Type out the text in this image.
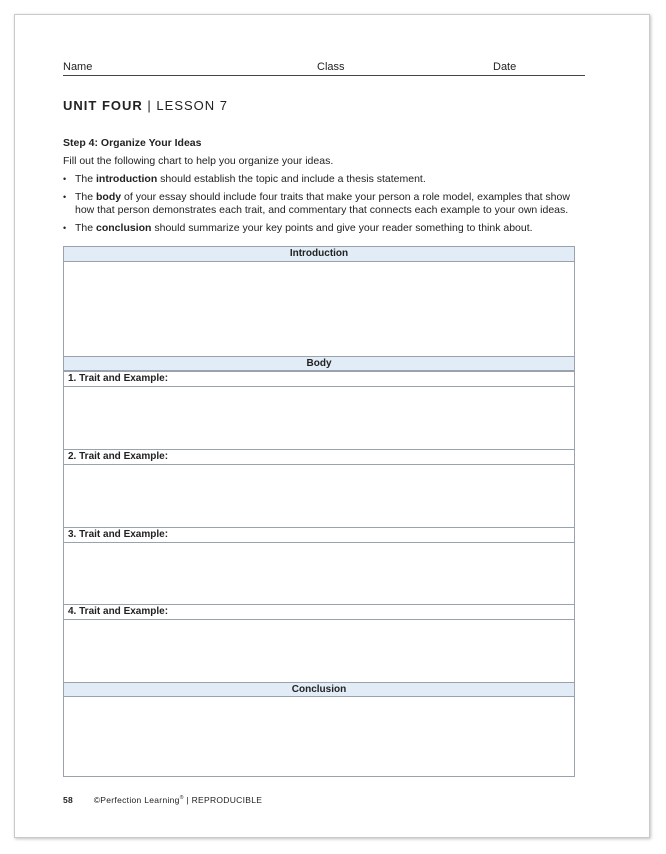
Name	Class	Date
UNIT FOUR | LESSON 7
Step 4: Organize Your Ideas
Fill out the following chart to help you organize your ideas.
• The introduction should establish the topic and include a thesis statement.
• The body of your essay should include four traits that make your person a role model, examples that show how that person demonstrates each trait, and commentary that connects each example to your own ideas.
• The conclusion should summarize your key points and give your reader something to think about.
Introduction
Body
1. Trait and Example:
2. Trait and Example:
3. Trait and Example:
4. Trait and Example:
Conclusion
58 ©Perfection Learning® | REPRODUCIBLE
